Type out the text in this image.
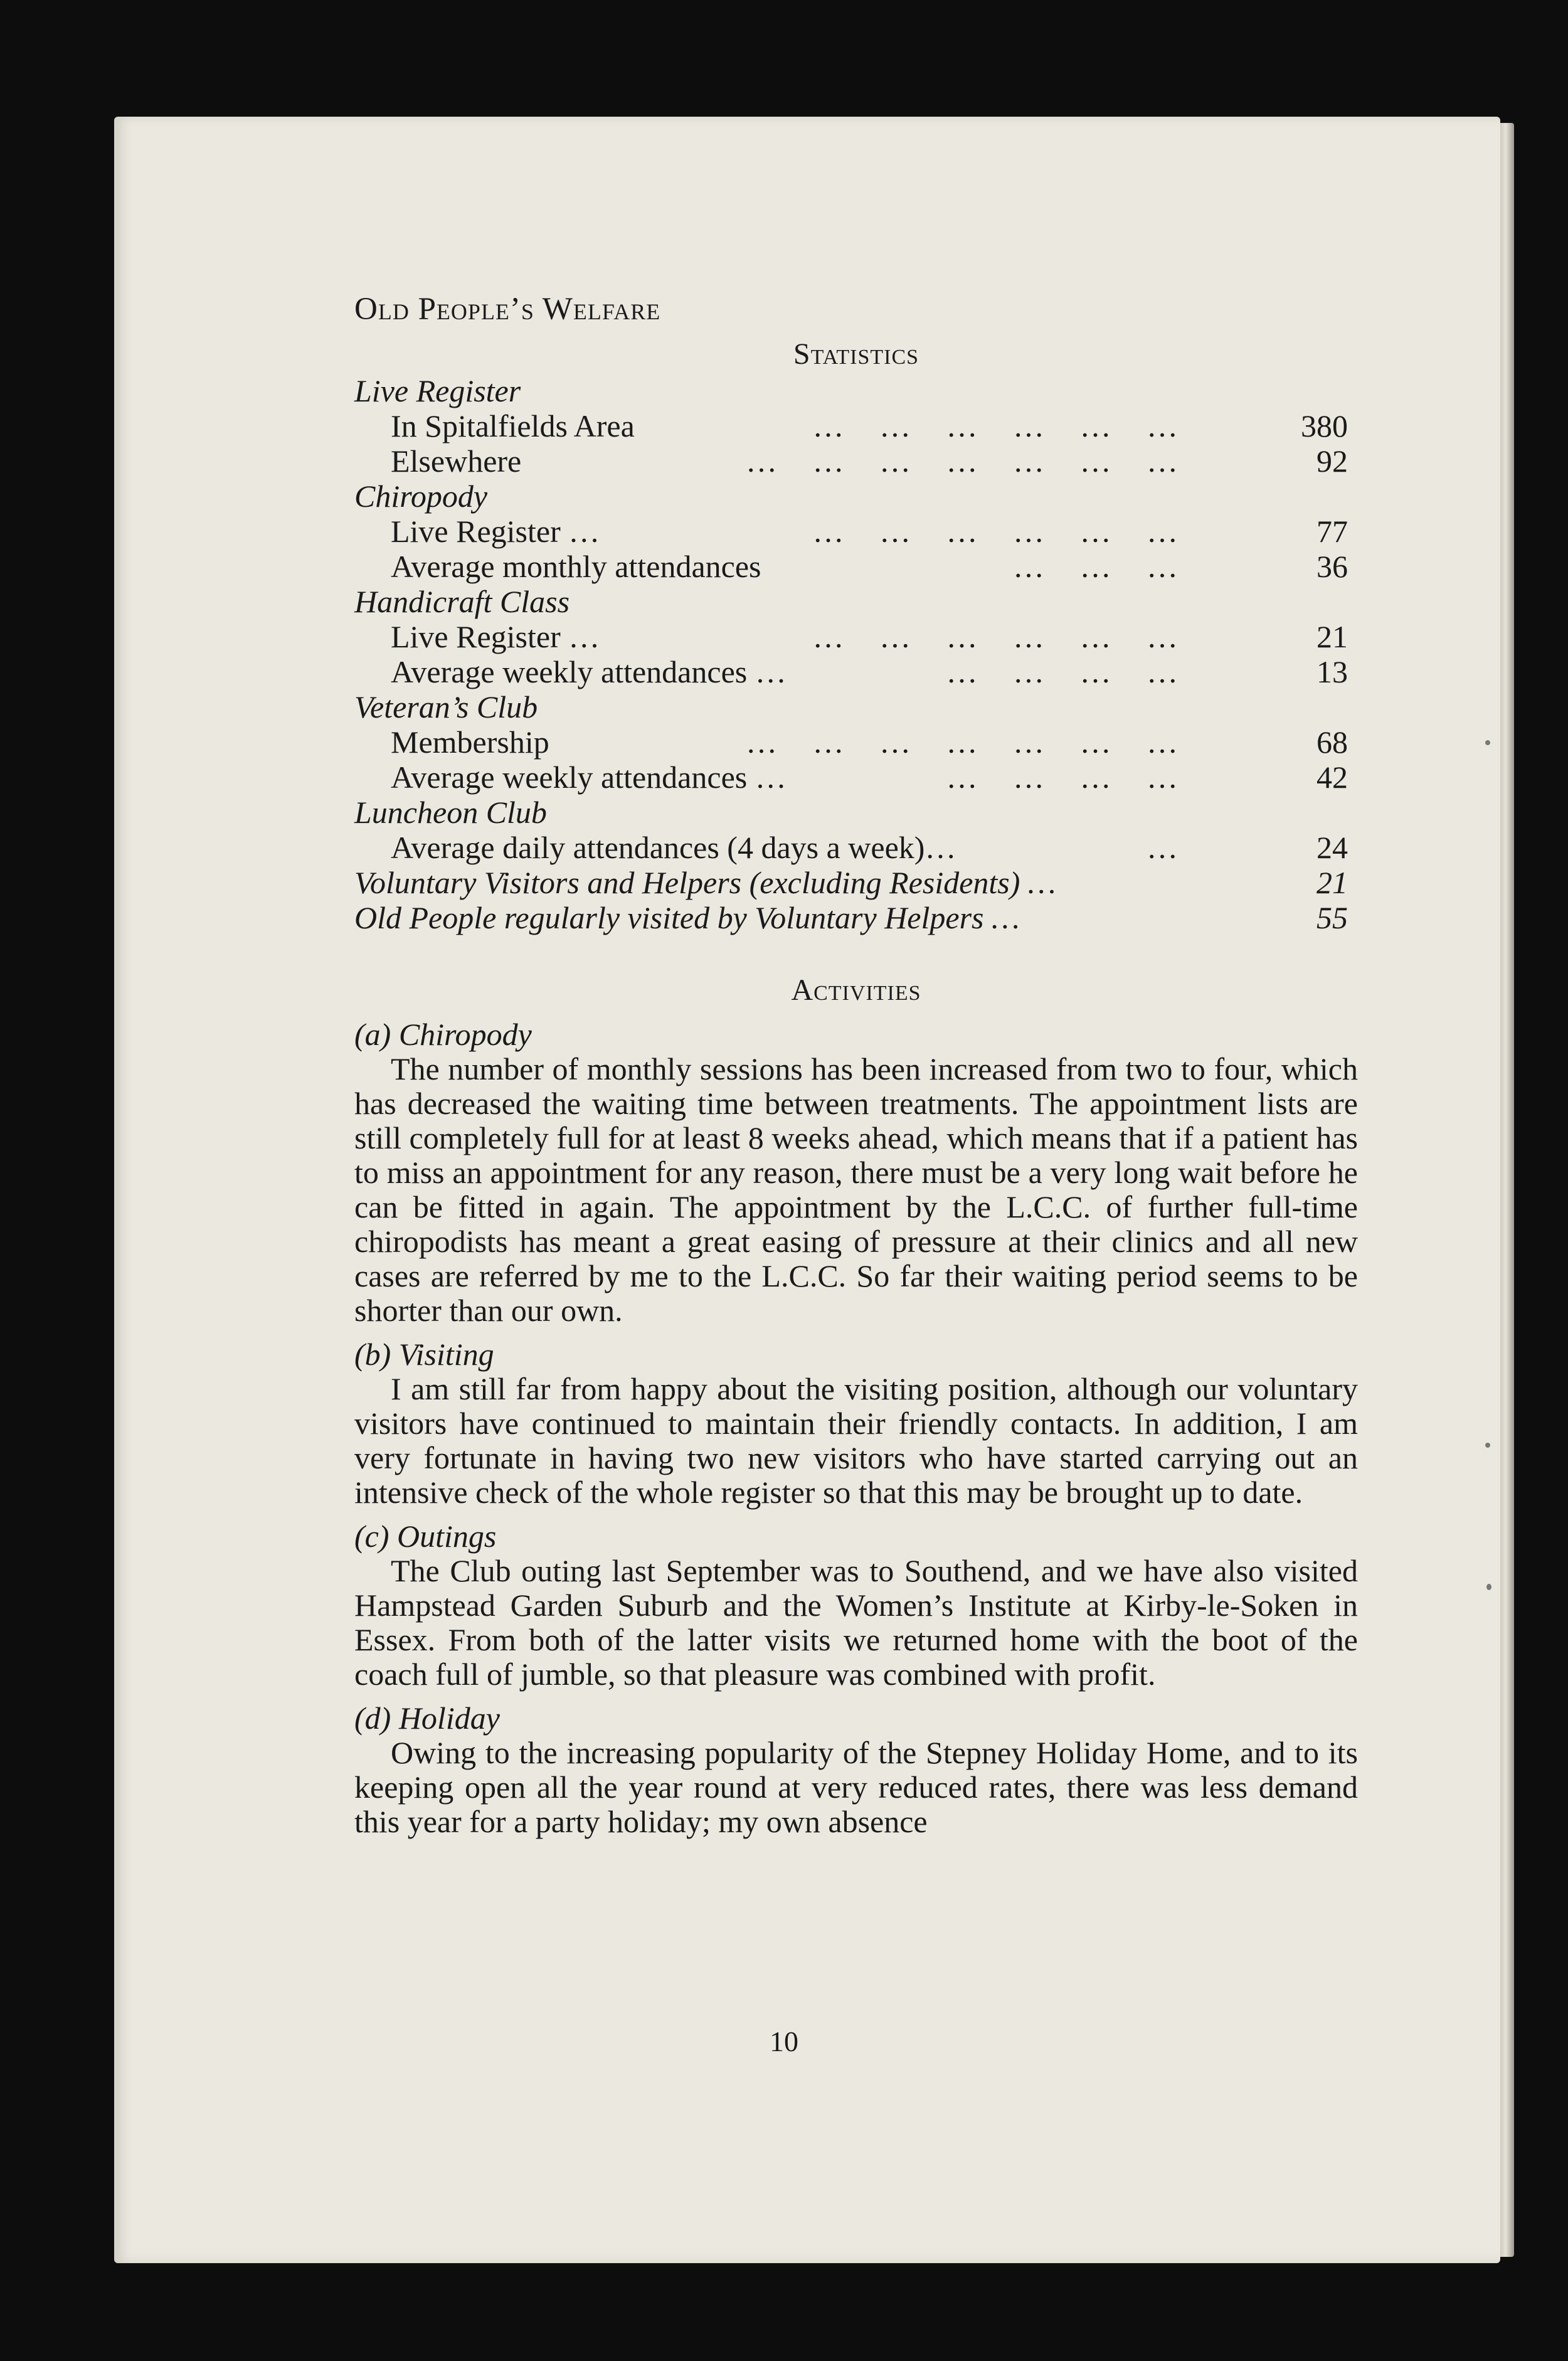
Old People’s Welfare
Statistics
Live Register
In Spitalfields Area	… … … … … …	380
Elsewhere	… … … … … … …	92
Chiropody
Live Register …	… … … … … …	77
Average monthly attendances	… … …	36
Handicraft Class
Live Register …	… … … … … …	21
Average weekly attendances …	… … … …	13
Veteran’s Club
Membership	… … … … … … …	68
Average weekly attendances …	… … … …	42
Luncheon Club
Average daily attendances (4 days a week)…	…	24
Voluntary Visitors and Helpers (excluding Residents) …	21
Old People regularly visited by Voluntary Helpers …	55
Activities
(a) Chiropody

The number of monthly sessions has been increased from two to four, which has decreased the waiting time between treatments. The appointment lists are still completely full for at least 8 weeks ahead, which means that if a patient has to miss an appointment for any reason, there must be a very long wait before he can be fitted in again. The appointment by the L.C.C. of further full-time chiropodists has meant a great easing of pressure at their clinics and all new cases are referred by me to the L.C.C. So far their waiting period seems to be shorter than our own.

(b) Visiting

I am still far from happy about the visiting position, although our voluntary visitors have continued to maintain their friendly contacts. In addition, I am very fortunate in having two new visitors who have started carrying out an intensive check of the whole register so that this may be brought up to date.

(c) Outings

The Club outing last September was to Southend, and we have also visited Hampstead Garden Suburb and the Women’s Institute at Kirby-le-Soken in Essex. From both of the latter visits we returned home with the boot of the coach full of jumble, so that pleasure was combined with profit.

(d) Holiday

Owing to the increasing popularity of the Stepney Holiday Home, and to its keeping open all the year round at very reduced rates, there was less demand this year for a party holiday; my own absence

10
